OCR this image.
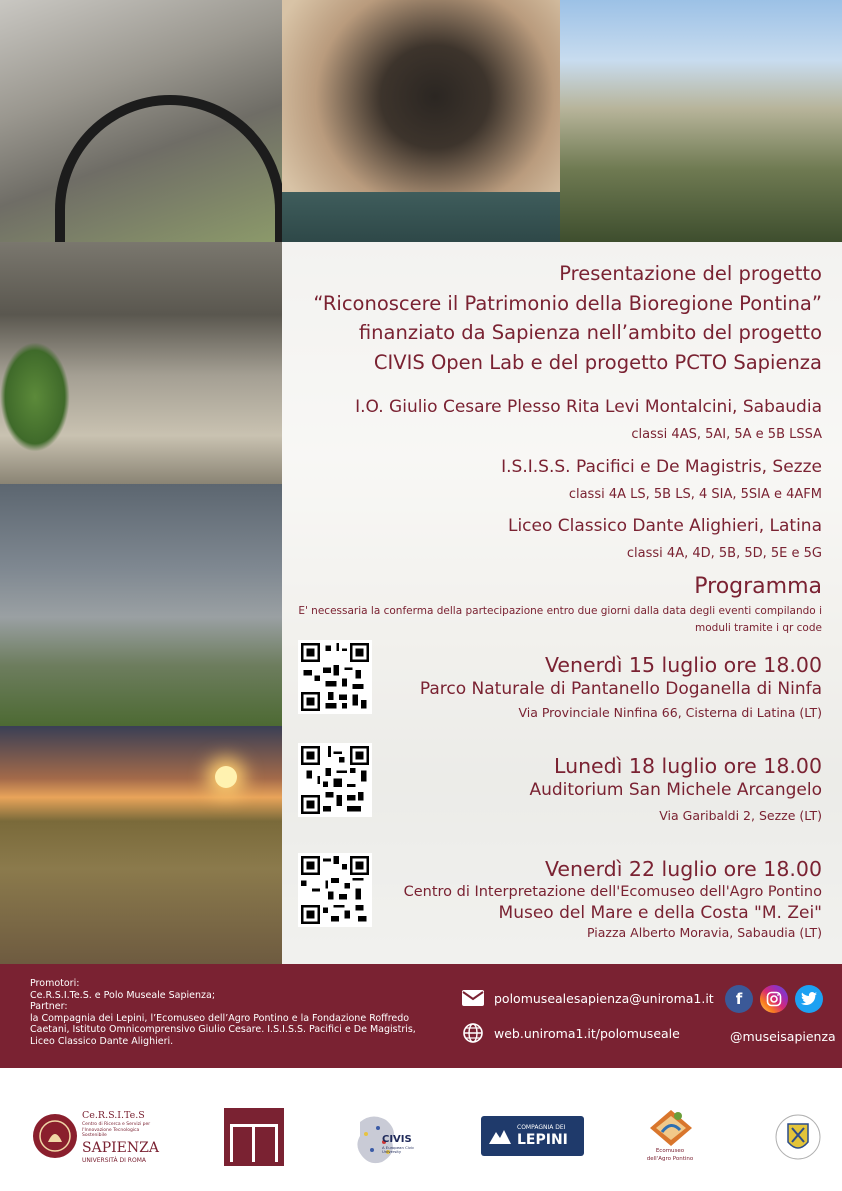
Presentazione del progetto
“Riconoscere il Patrimonio della Bioregione Pontina”
finanziato da Sapienza nell’ambito del progetto
CIVIS Open Lab e del progetto PCTO Sapienza
I.O. Giulio Cesare Plesso Rita Levi Montalcini, Sabaudia
classi 4AS, 5AI, 5A e 5B LSSA
I.S.I.S.S. Pacifici e De Magistris, Sezze
classi 4A LS, 5B LS, 4 SIA, 5SIA e 4AFM
Liceo Classico Dante Alighieri, Latina
classi 4A, 4D, 5B, 5D, 5E e 5G
Programma
E' necessaria la conferma della partecipazione entro due giorni dalla data degli eventi compilando i moduli tramite i qr code
Venerdì 15 luglio ore 18.00
Parco Naturale di Pantanello Doganella di Ninfa
Via Provinciale Ninfina 66, Cisterna di Latina (LT)
Lunedì 18 luglio ore 18.00
Auditorium San Michele Arcangelo
Via Garibaldi 2, Sezze (LT)
Venerdì 22 luglio ore 18.00
Centro di Interpretazione dell'Ecomuseo dell'Agro Pontino
Museo del Mare e della Costa "M. Zei"
Piazza Alberto Moravia, Sabaudia (LT)
Promotori:
Ce.R.S.I.Te.S. e Polo Museale Sapienza;
Partner:
la Compagnia dei Lepini, l’Ecomuseo dell’Agro Pontino e la Fondazione Roffredo Caetani, Istituto Omnicomprensivo Giulio Cesare. I.S.I.S.S. Pacifici e De Magistris, Liceo Classico Dante Alighieri.
polomusealesapienza@uniroma1.it
web.uniroma1.it/polomuseale
f
@museisapienza
Ce.R.S.I.Te.S
Centro di Ricerca e Servizi per l'Innovazione Tecnologica Sostenibile
SAPIENZA
UNIVERSITÀ DI ROMA
CIVIS
A European Civic University
COMPAGNIA DEI
LEPINI
Ecomuseo
dell'Agro Pontino
